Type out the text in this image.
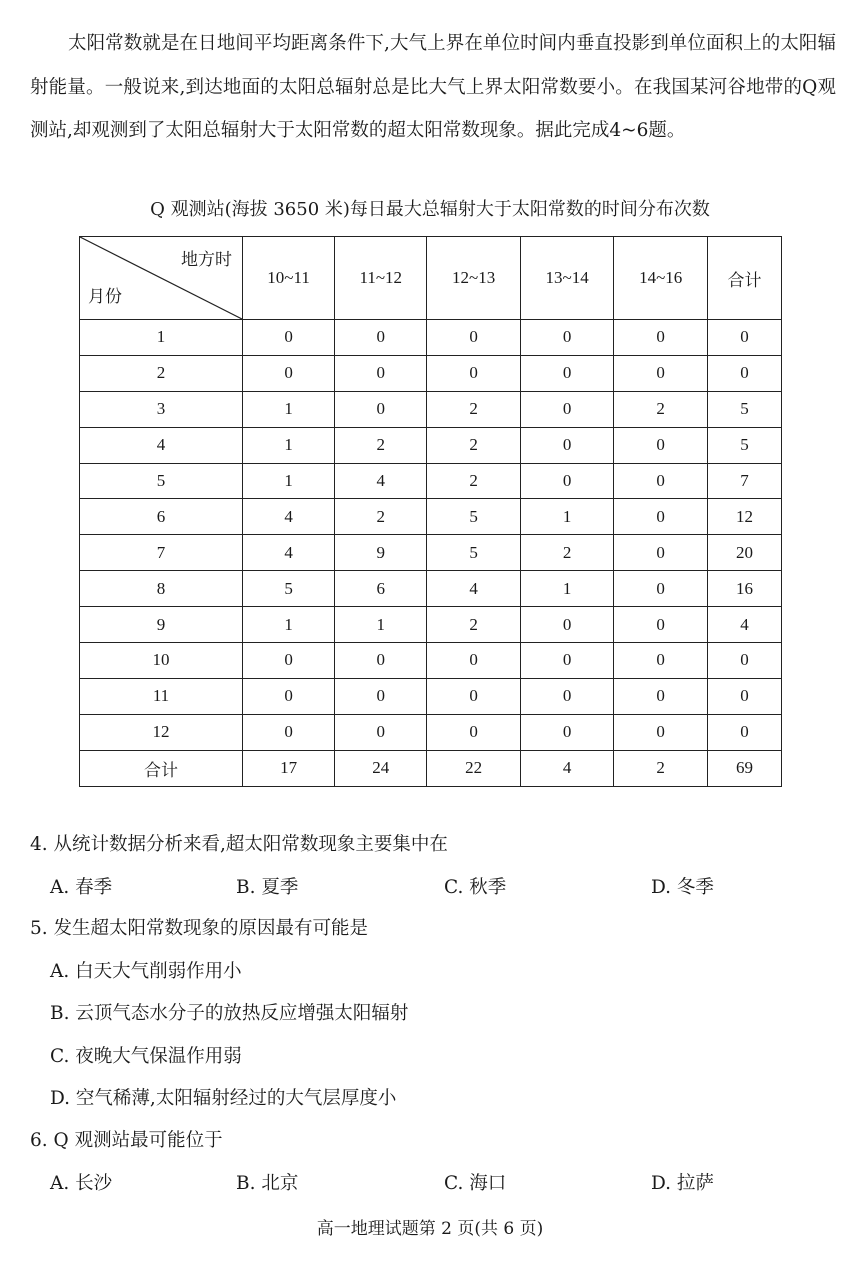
太阳常数就是在日地间平均距离条件下,大气上界在单位时间内垂直投影到单位面积上的太阳辐射能量。一般说来,到达地面的太阳总辐射总是比大气上界太阳常数要小。在我国某河谷地带的Q观测站,却观测到了太阳总辐射大于太阳常数的超太阳常数现象。据此完成4~6题。

Q 观测站(海拔 3650 米)每日最大总辐射大于太阳常数的时间分布次数
地方时
月份	10~11	11~12	12~13	13~14	14~16	合计
1	0	0	0	0	0	0
2	0	0	0	0	0	0
3	1	0	2	0	2	5
4	1	2	2	0	0	5
5	1	4	2	0	0	7
6	4	2	5	1	0	12
7	4	9	5	2	0	20
8	5	6	4	1	0	16
9	1	1	2	0	0	4
10	0	0	0	0	0	0
11	0	0	0	0	0	0
12	0	0	0	0	0	0
合计	17	24	22	4	2	69
4. 从统计数据分析来看,超太阳常数现象主要集中在
A. 春季	B. 夏季	C. 秋季	D. 冬季
5. 发生超太阳常数现象的原因最有可能是
A. 白天大气削弱作用小
B. 云顶气态水分子的放热反应增强太阳辐射
C. 夜晚大气保温作用弱
D. 空气稀薄,太阳辐射经过的大气层厚度小
6. Q 观测站最可能位于
A. 长沙	B. 北京	C. 海口	D. 拉萨
高一地理试题第 2 页(共 6 页)
